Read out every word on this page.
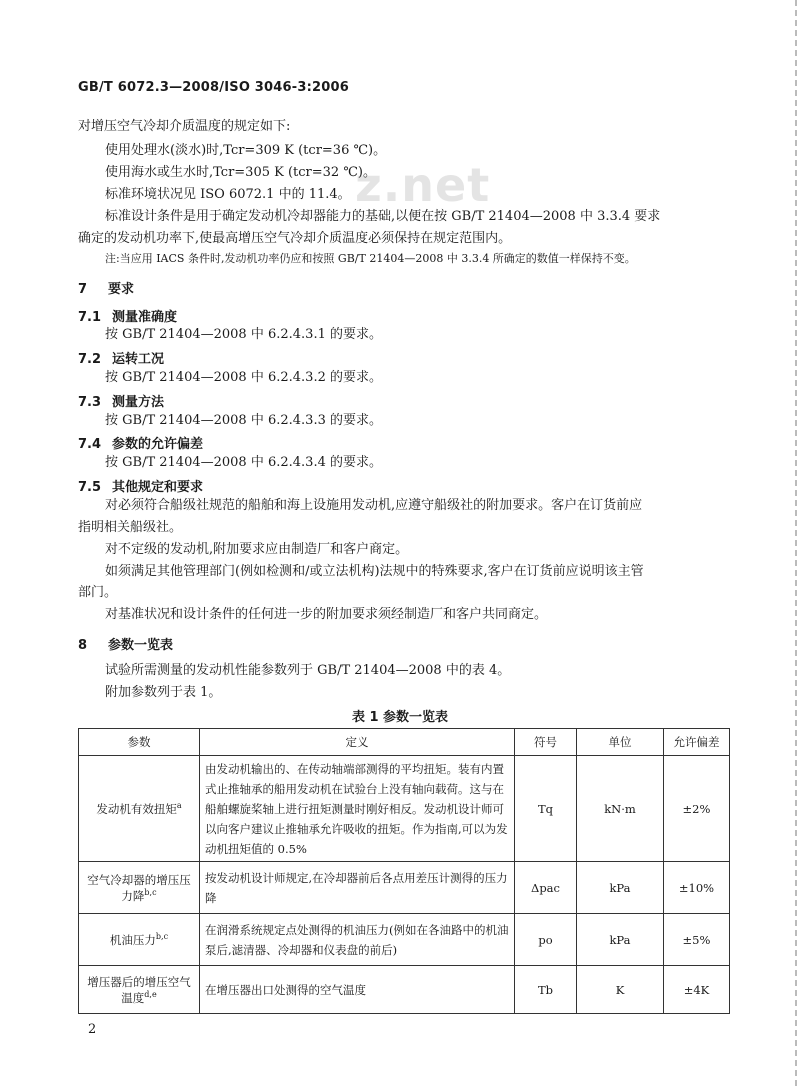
GB/T 6072.3—2008/ISO 3046-3:2006
z.net
对增压空气冷却介质温度的规定如下:
使用处理水(淡水)时,Tcr=309 K (tcr=36 ℃)。
使用海水或生水时,Tcr=305 K (tcr=32 ℃)。
标准环境状况见 ISO 6072.1 中的 11.4。
标准设计条件是用于确定发动机冷却器能力的基础,以便在按 GB/T 21404—2008 中 3.3.4 要求
确定的发动机功率下,使最高增压空气冷却介质温度必须保持在规定范围内。
注:当应用 IACS 条件时,发动机功率仍应和按照 GB/T 21404—2008 中 3.3.4 所确定的数值一样保持不变。
7 要求
7.1 测量准确度
按 GB/T 21404—2008 中 6.2.4.3.1 的要求。
7.2 运转工况
按 GB/T 21404—2008 中 6.2.4.3.2 的要求。
7.3 测量方法
按 GB/T 21404—2008 中 6.2.4.3.3 的要求。
7.4 参数的允许偏差
按 GB/T 21404—2008 中 6.2.4.3.4 的要求。
7.5 其他规定和要求
对必须符合船级社规范的船舶和海上设施用发动机,应遵守船级社的附加要求。客户在订货前应
指明相关船级社。
对不定级的发动机,附加要求应由制造厂和客户商定。
如须满足其他管理部门(例如检测和/或立法机构)法规中的特殊要求,客户在订货前应说明该主管
部门。
对基准状况和设计条件的任何进一步的附加要求须经制造厂和客户共同商定。
8 参数一览表
试验所需测量的发动机性能参数列于 GB/T 21404—2008 中的表 4。
附加参数列于表 1。
表 1 参数一览表
参数	定义	符号	单位	允许偏差
发动机有效扭矩$^a$	由发动机输出的、在传动轴端部测得的平均扭矩。装有内置式止推轴承的船用发动机在试验台上没有轴向载荷。这与在船舶螺旋桨轴上进行扭矩测量时刚好相反。发动机设计师可以向客户建议止推轴承允许吸收的扭矩。作为指南,可以为发动机扭矩值的 0.5%	Tq	kN·m	±2%
空气冷却器的增压压力降$^{b,c}$	按发动机设计师规定,在冷却器前后各点用差压计测得的压力降	Δpac	kPa	±10%
机油压力$^{b,c}$	在润滑系统规定点处测得的机油压力(例如在各油路中的机油泵后,滤清器、冷却器和仪表盘的前后)	po	kPa	±5%
增压器后的增压空气温度$^{d,e}$	在增压器出口处测得的空气温度	Tb	K	±4K
2
